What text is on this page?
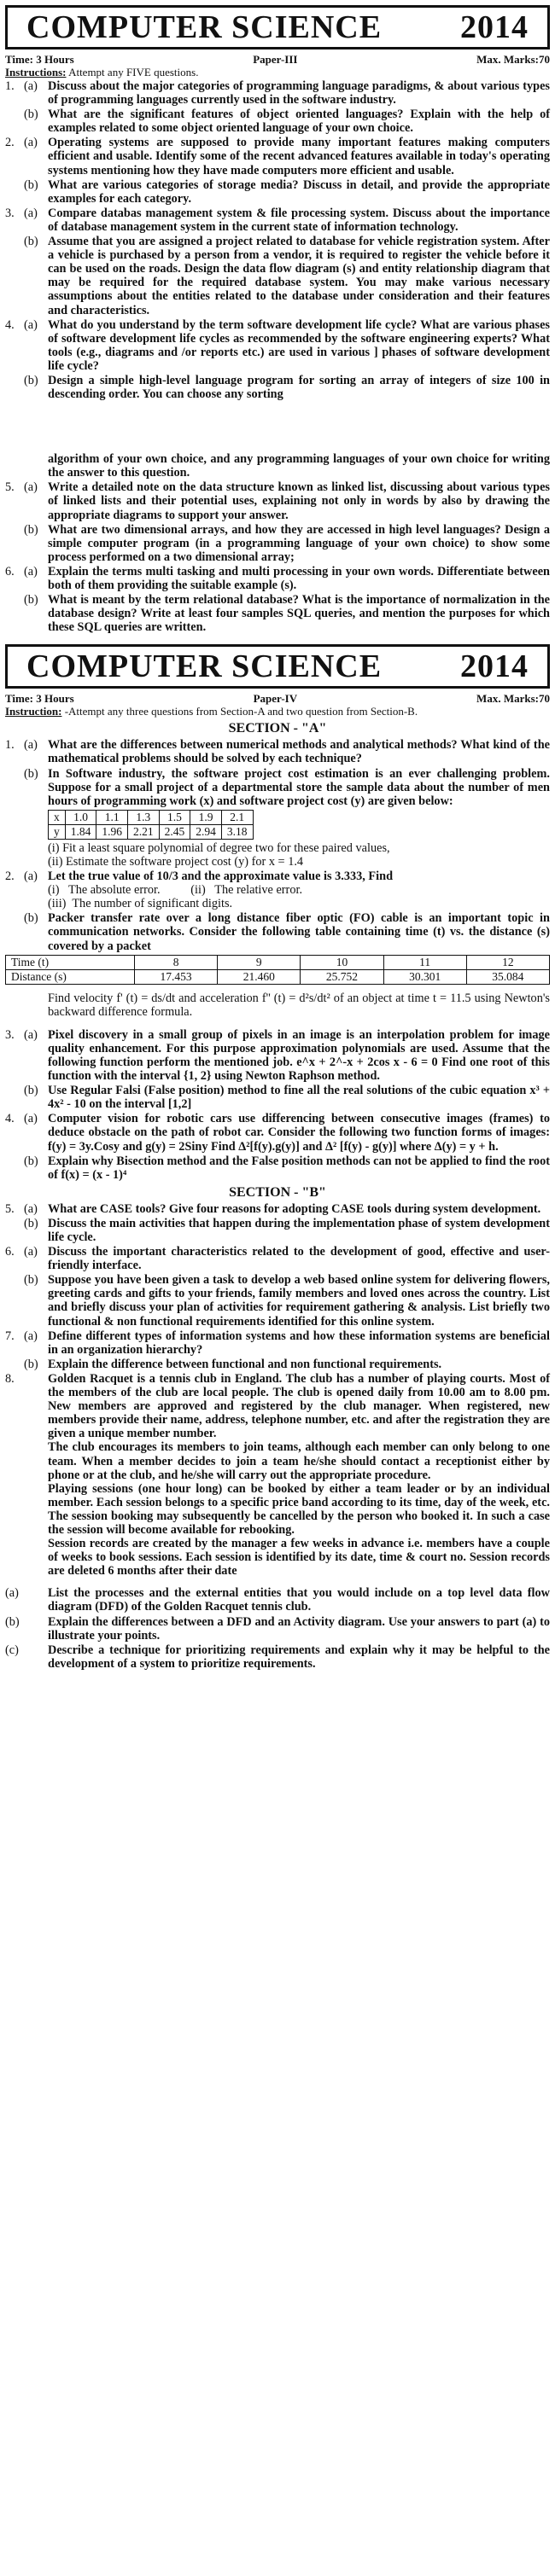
COMPUTER SCIENCE 2014
Time: 3 Hours	Paper-III	Max. Marks:70
Instructions: Attempt any FIVE questions.
1. (a) Discuss about the major categories of programming language paradigms, & about various types of programming languages currently used in the software industry.
(b) What are the significant features of object oriented languages? Explain with the help of examples related to some object oriented language of your own choice.
2. (a) Operating systems are supposed to provide many important features making computers efficient and usable. Identify some of the recent advanced features available in today's operating systems mentioning how they have made computers more efficient and usable.
(b) What are various categories of storage media? Discuss in detail, and provide the appropriate examples for each category.
3. (a) Compare databas management system & file processing system. Discuss about the importance of database management system in the current state of information technology.
(b) Assume that you are assigned a project related to database for vehicle registration system. After a vehicle is purchased by a person from a vendor, it is required to register the vehicle before it can be used on the roads. Design the data flow diagram (s) and entity relationship diagram that may be required for the required database system. You may make various necessary assumptions about the entities related to the database under consideration and their features and characteristics.
4. (a) What do you understand by the term software development life cycle? What are various phases of software development life cycles as recommended by the software engineering experts? What tools (e.g., diagrams and /or reports etc.) are used in various ] phases of software development life cycle?
(b) Design a simple high-level language program for sorting an array of integers of size 100 in descending order. You can choose any sorting
algorithm of your own choice, and any programming languages of your own choice for writing the answer to this question.
5. (a) Write a detailed note on the data structure known as linked list, discussing about various types of linked lists and their potential uses, explaining not only in words by also by drawing the appropriate diagrams to support your answer.
(b) What are two dimensional arrays, and how they are accessed in high level languages? Design a simple computer program (in a programming language of your own choice) to show some process performed on a two dimensional array;
6. (a) Explain the terms multi tasking and multi processing in your own words. Differentiate between both of them providing the suitable example (s).
(b) What is meant by the term relational database? What is the importance of normalization in the database design? Write at least four samples SQL queries, and mention the purposes for which these SQL queries are written.
COMPUTER SCIENCE 2014
Time: 3 Hours	Paper-IV	Max. Marks:70
Instruction: -Attempt any three questions from Section-A and two question from Section-B.
SECTION - "A"
1. (a) What are the differences between numerical methods and analytical methods? What kind of the mathematical problems should be solved by each technique?
(b) In Software industry, the software project cost estimation is an ever challenging problem. Suppose for a small project of a departmental store the sample data about the number of men hours of programming work (x) and software project cost (y) are given below:
x	1.0	1.1	1.3	1.5	1.9	2.1
y	1.84	1.96	2.21	2.45	2.94	3.18
(i) Fit a least square polynomial of degree two for these paired values,
(ii) Estimate the software project cost (y) for x = 1.4
2. (a) Let the true value of 10/3 and the approximate value is 3.333, Find
(i)   The absolute error.          (ii)   The relative error.
(iii)  The number of significant digits.
(b) Packer transfer rate over a long distance fiber optic (FO) cable is an important topic in communication networks. Consider the following table containing time (t) vs. the distance (s) covered by a packet
Time (t)	8	9	10	11	12
Distance (s)	17.453	21.460	25.752	30.301	35.084
Find velocity f' (t) = ds/dt and acceleration f'' (t) = d²s/dt² of an object at time t = 11.5 using Newton's backward difference formula.
3. (a) Pixel discovery in a small group of pixels in an image is an interpolation problem for image quality enhancement. For this purpose approximation polynomials are used. Assume that the following function perform the mentioned job. e^x + 2^-x + 2cos x - 6 = 0 Find one root of this function with the interval {1, 2} using Newton Raphson method.
(b) Use Regular Falsi (False position) method to fine all the real solutions of the cubic equation x³ + 4x² - 10 on the interval [1,2]
4. (a) Computer vision for robotic cars use differencing between consecutive images (frames) to deduce obstacle on the path of robot car. Consider the following two function forms of images: f(y) = 3y.Cosy and g(y) = 2Siny Find Δ²[f(y).g(y)] and Δ² [f(y) - g(y)] where Δ(y) = y + h.
(b) Explain why Bisection method and the False position methods can not be applied to find the root of f(x) = (x - 1)⁴
SECTION - "B"
5. (a) What are CASE tools? Give four reasons for adopting CASE tools during system development.
(b) Discuss the main activities that happen during the implementation phase of system development life cycle.
6. (a) Discuss the important characteristics related to the development of good, effective and user-friendly interface.
(b) Suppose you have been given a task to develop a web based online system for delivering flowers, greeting cards and gifts to your friends, family members and loved ones across the country. List and briefly discuss your plan of activities for requirement gathering & analysis. List briefly two functional & non functional requirements identified for this online system.
7. (a) Define different types of information systems and how these information systems are beneficial in an organization hierarchy?
(b) Explain the difference between functional and non functional requirements.
8.	Golden Racquet is a tennis club in England. The club has a number of playing courts. Most of the members of the club are local people. The club is opened daily from 10.00 am to 8.00 pm. New members are approved and registered by the club manager. When registered, new members provide their name, address, telephone number, etc. and after the registration they are given a unique member number.
The club encourages its members to join teams, although each member can only belong to one team. When a member decides to join a team he/she should contact a receptionist either by phone or at the club, and he/she will carry out the appropriate procedure.
Playing sessions (one hour long) can be booked by either a team leader or by an individual member. Each session belongs to a specific price band according to its time, day of the week, etc. The session booking may subsequently be cancelled by the person who booked it. In such a case the session will become available for rebooking.
Session records are created by the manager a few weeks in advance i.e. members have a couple of weeks to book sessions. Each session is identified by its date, time & court no. Session records are deleted 6 months after their date
(a)	List the processes and the external entities that you would include on a top level data flow diagram (DFD) of the Golden Racquet tennis club.
(b)	Explain the differences between a DFD and an Activity diagram. Use your answers to part (a) to illustrate your points.
(c)	Describe a technique for prioritizing requirements and explain why it may be helpful to the development of a system to prioritize requirements.
